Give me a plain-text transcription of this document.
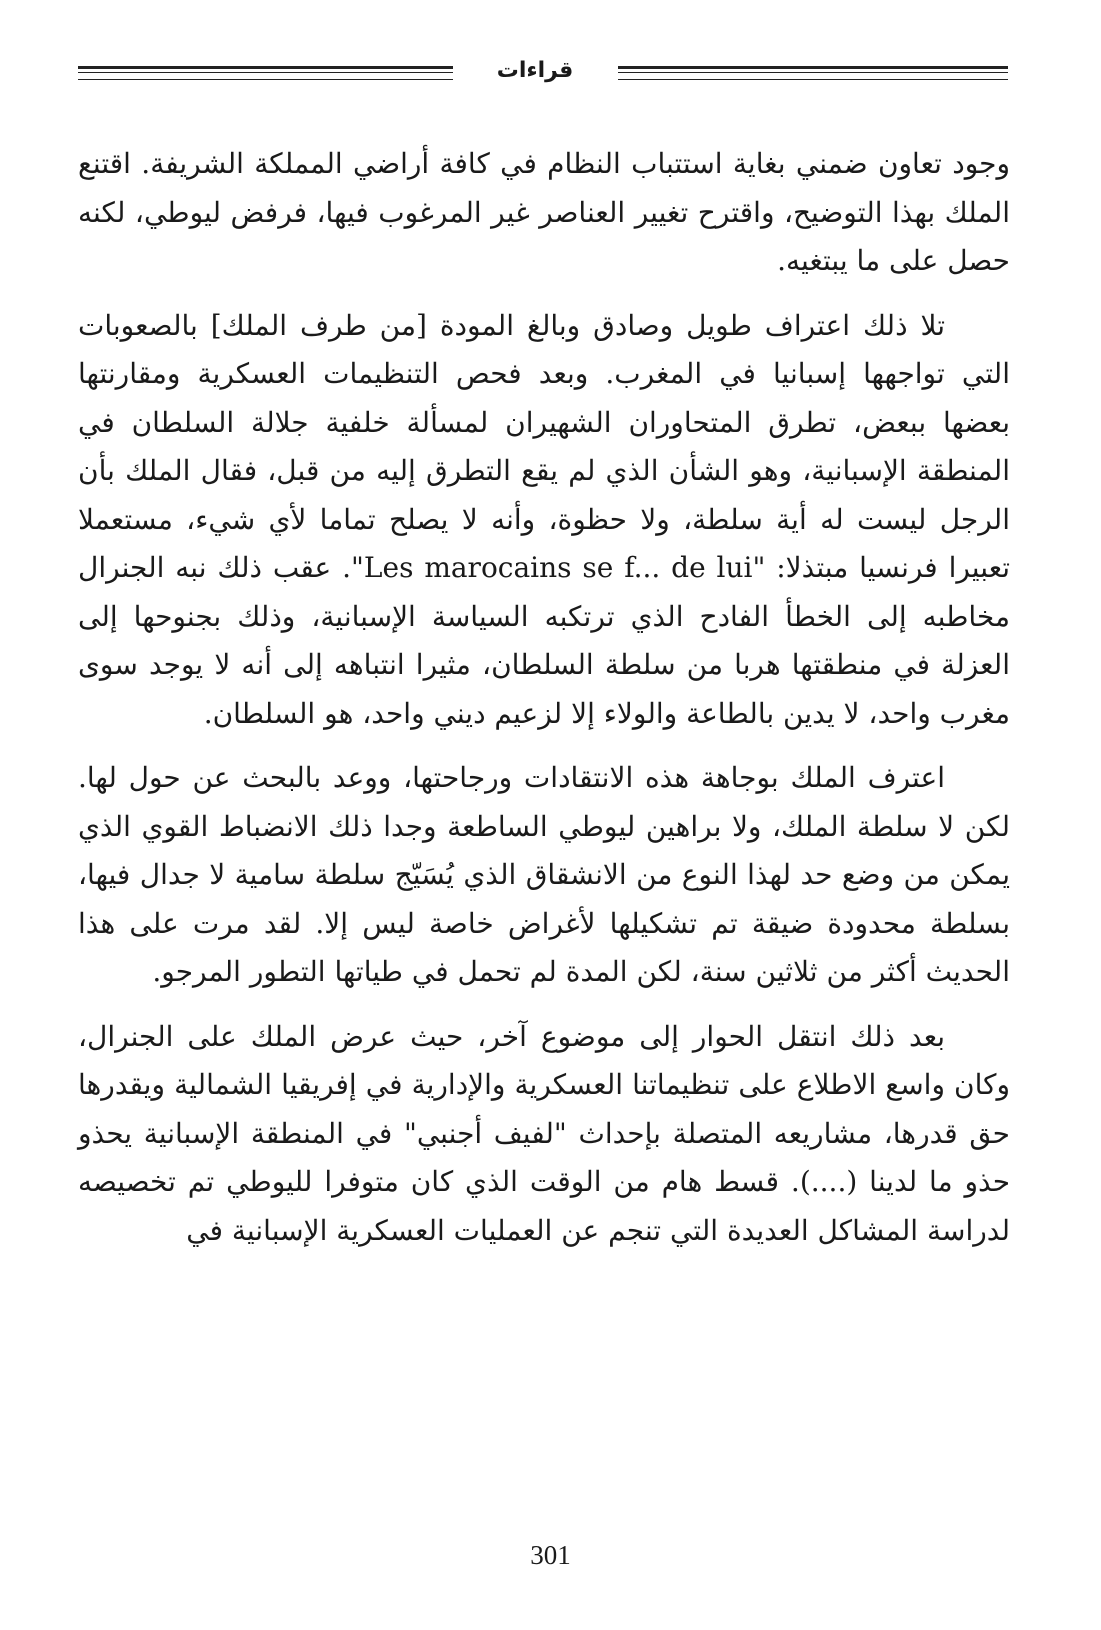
قراءات

وجود تعاون ضمني بغاية استتباب النظام في كافة أراضي المملكة الشريفة. اقتنع الملك بهذا التوضيح، واقترح تغيير العناصر غير المرغوب فيها، فرفض ليوطي، لكنه حصل على ما يبتغيه.

تلا ذلك اعتراف طويل وصادق وبالغ المودة [من طرف الملك] بالصعوبات التي تواجهها إسبانيا في المغرب. وبعد فحص التنظيمات العسكرية ومقارنتها بعضها ببعض، تطرق المتحاوران الشهيران لمسألة خلفية جلالة السلطان في المنطقة الإسبانية، وهو الشأن الذي لم يقع التطرق إليه من قبل، فقال الملك بأن الرجل ليست له أية سلطة، ولا حظوة، وأنه لا يصلح تماما لأي شيء، مستعملا تعبيرا فرنسيا مبتذلا: "Les marocains se f... de lui". عقب ذلك نبه الجنرال مخاطبه إلى الخطأ الفادح الذي ترتكبه السياسة الإسبانية، وذلك بجنوحها إلى العزلة في منطقتها هربا من سلطة السلطان، مثيرا انتباهه إلى أنه لا يوجد سوى مغرب واحد، لا يدين بالطاعة والولاء إلا لزعيم ديني واحد، هو السلطان.

اعترف الملك بوجاهة هذه الانتقادات ورجاحتها، ووعد بالبحث عن حول لها. لكن لا سلطة الملك، ولا براهين ليوطي الساطعة وجدا ذلك الانضباط القوي الذي يمكن من وضع حد لهذا النوع من الانشقاق الذي يُسَيّج سلطة سامية لا جدال فيها، بسلطة محدودة ضيقة تم تشكيلها لأغراض خاصة ليس إلا. لقد مرت على هذا الحديث أكثر من ثلاثين سنة، لكن المدة لم تحمل في طياتها التطور المرجو.

بعد ذلك انتقل الحوار إلى موضوع آخر، حيث عرض الملك على الجنرال، وكان واسع الاطلاع على تنظيماتنا العسكرية والإدارية في إفريقيا الشمالية ويقدرها حق قدرها، مشاريعه المتصلة بإحداث "لفيف أجنبي" في المنطقة الإسبانية يحذو حذو ما لدينا (....). قسط هام من الوقت الذي كان متوفرا لليوطي تم تخصيصه لدراسة المشاكل العديدة التي تنجم عن العمليات العسكرية الإسبانية في

301
